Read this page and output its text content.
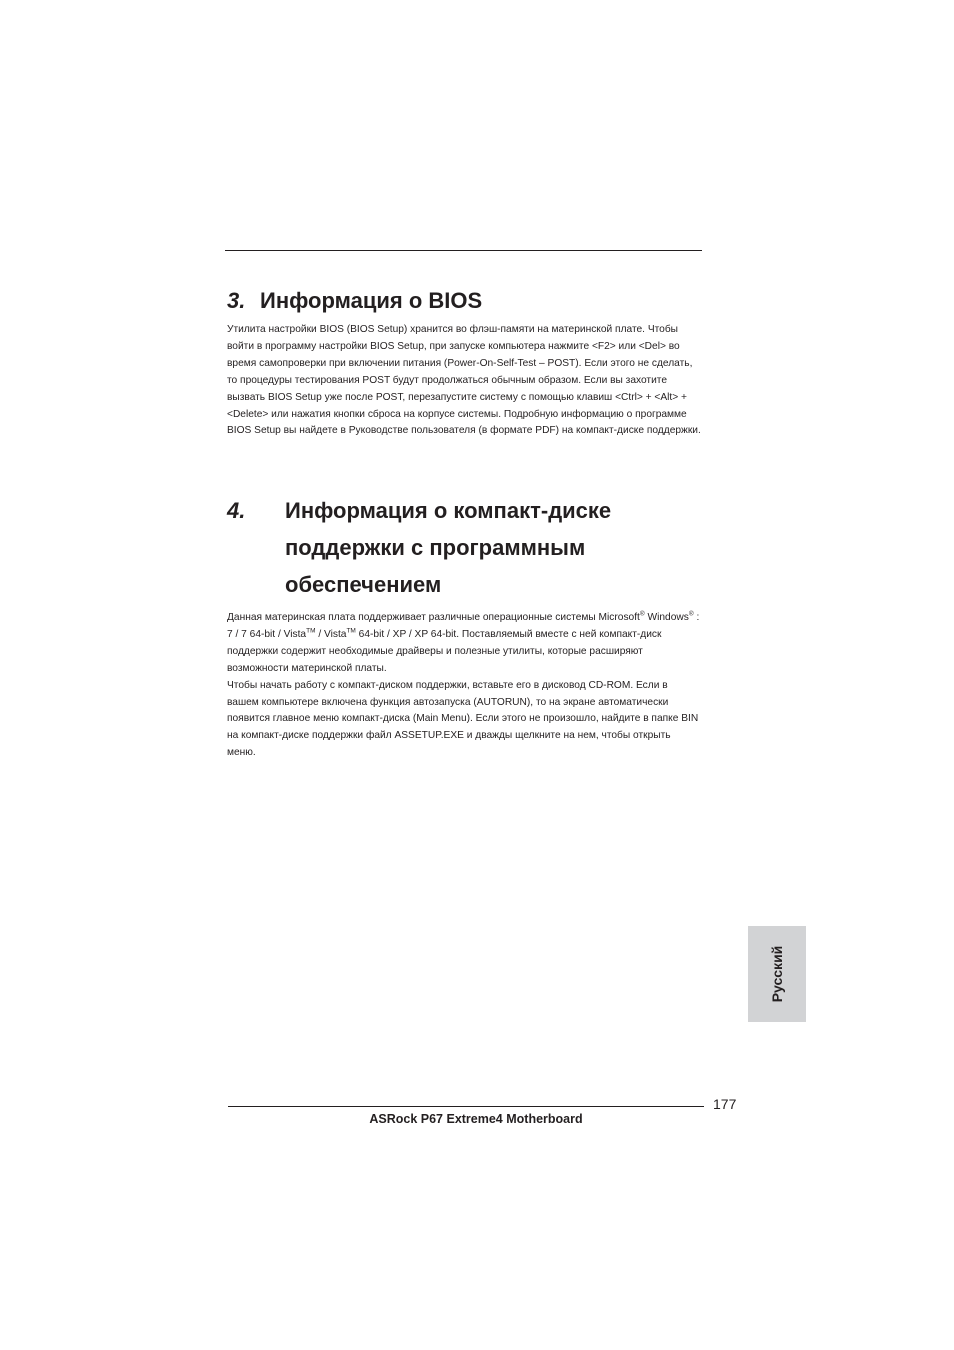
3. Информация о BIOS

Утилита настройки BIOS (BIOS Setup) хранится во флэш-памяти на материнской плате. Чтобы войти в программу настройки BIOS Setup, при запуске компьютера нажмите <F2> или <Del> во время самопроверки при включении питания (Power-On-Self-Test – POST). Если этого не сделать, то процедуры тестирования POST будут продолжаться обычным образом. Если вы захотите вызвать BIOS Setup уже после POST, перезапустите систему с помощью клавиш <Ctrl> + <Alt> + <Delete> или нажатия кнопки сброса на корпусе системы. Подробную информацию о программе BIOS Setup вы найдете в Руководстве пользователя (в формате PDF) на компакт-диске поддержки.

4.	Информация о компакт-диске поддержки с программным обеспечением

Данная материнская плата поддерживает различные операционные системы Microsoft® Windows® : 7 / 7 64-bit / Vista™ / Vista™ 64-bit / XP / XP 64-bit. Поставляемый вместе с ней компакт-диск поддержки содержит необходимые драйверы и полезные утилиты, которые расширяют возможности материнской платы.

Чтобы начать работу с компакт-диском поддержки, вставьте его в дисковод CD-ROM. Если в вашем компьютере включена функция автозапуска (AUTORUN), то на экране автоматически появится главное меню компакт-диска (Main Menu). Если этого не произошло, найдите в папке BIN на компакт-диске поддержки файл ASSETUP.EXE и дважды щелкните на нем, чтобы открыть меню.

Русский
177
ASRock P67 Extreme4 Motherboard
